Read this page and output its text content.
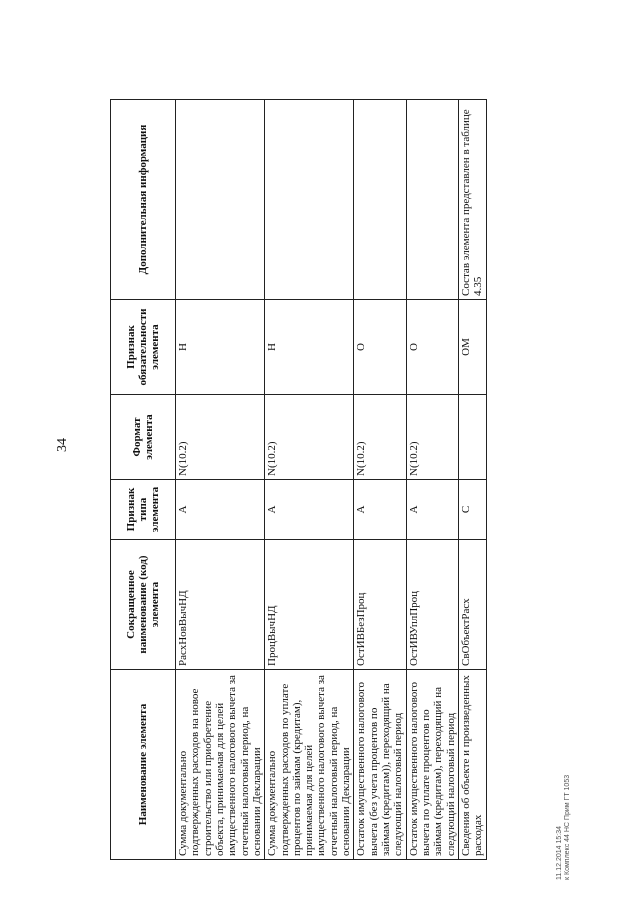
34
Наименование элемента	Сокращенное наименование (код) элемента	Признак типа элемента	Формат элемента	Признак обязательности элемента	Дополнительная информация
Сумма документально подтвержденных расходов на новое строительство или приобретение объекта, принимаемая для целей имущественного налогового вычета за отчетный налоговый период, на основании Декларации	РасхНовВычНД	А	N(10.2)	Н	
Сумма документально подтвержденных расходов по уплате процентов по займам (кредитам), принимаемая для целей имущественного налогового вычета за отчетный налоговый период, на основании Декларации	ПроцВычНД	А	N(10.2)	Н	
Остаток имущественного налогового вычета (без учета процентов по займам (кредитам)), переходящий на следующий налоговый период	ОстИВБезПроц	А	N(10.2)	О	
Остаток имущественного налогового вычета по уплате процентов по займам (кредитам), переходящий на следующий налоговый период	ОстИВУплПроц	А	N(10.2)	О	
Сведения об объекте и произведенных расходах	СвОбъектРасх	С		ОМ	Состав элемента представлен в таблице 4.35
11.12.2014 15:34 к Комплекс 44 НС Прим ГТ 1053
